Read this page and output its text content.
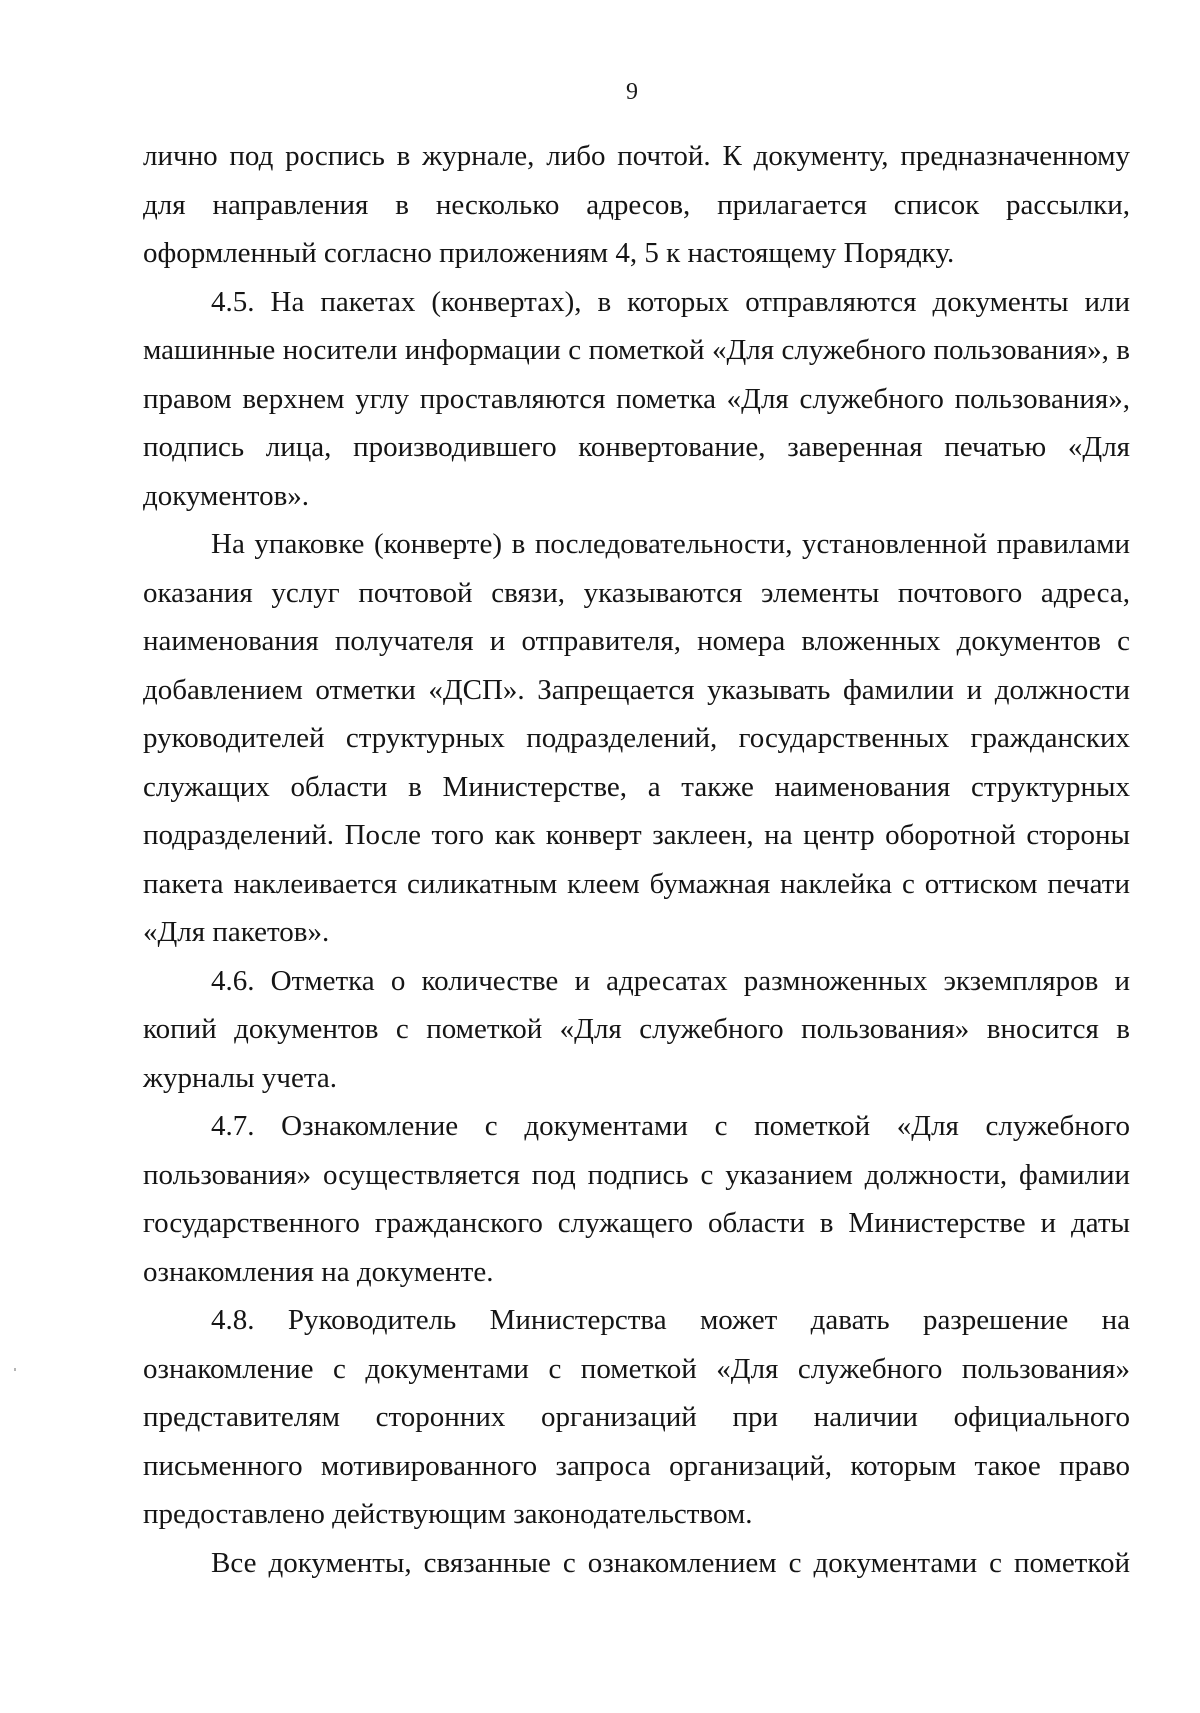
9
лично под роспись в журнале, либо почтой. К документу, предназначенному
для направления в несколько адресов, прилагается список рассылки,
оформленный согласно приложениям 4, 5 к настоящему Порядку.
4.5. На пакетах (конвертах), в которых отправляются документы или
машинные носители информации с пометкой «Для служебного пользования», в
правом верхнем углу проставляются пометка «Для служебного пользования»,
подпись лица, производившего конвертование, заверенная печатью «Для
документов».
На упаковке (конверте) в последовательности, установленной правилами
оказания услуг почтовой связи, указываются элементы почтового адреса,
наименования получателя и отправителя, номера вложенных документов с
добавлением отметки «ДСП». Запрещается указывать фамилии и должности
руководителей структурных подразделений, государственных гражданских
служащих области в Министерстве, а также наименования структурных
подразделений. После того как конверт заклеен, на центр оборотной стороны
пакета наклеивается силикатным клеем бумажная наклейка с оттиском печати
«Для пакетов».
4.6. Отметка о количестве и адресатах размноженных экземпляров и
копий документов с пометкой «Для служебного пользования» вносится в
журналы учета.
4.7. Ознакомление с документами с пометкой «Для служебного
пользования» осуществляется под подпись с указанием должности, фамилии
государственного гражданского служащего области в Министерстве и даты
ознакомления на документе.
4.8. Руководитель Министерства может давать разрешение на
ознакомление с документами с пометкой «Для служебного пользования»
представителям сторонних организаций при наличии официального
письменного мотивированного запроса организаций, которым такое право
предоставлено действующим законодательством.
Все документы, связанные с ознакомлением с документами с пометкой
